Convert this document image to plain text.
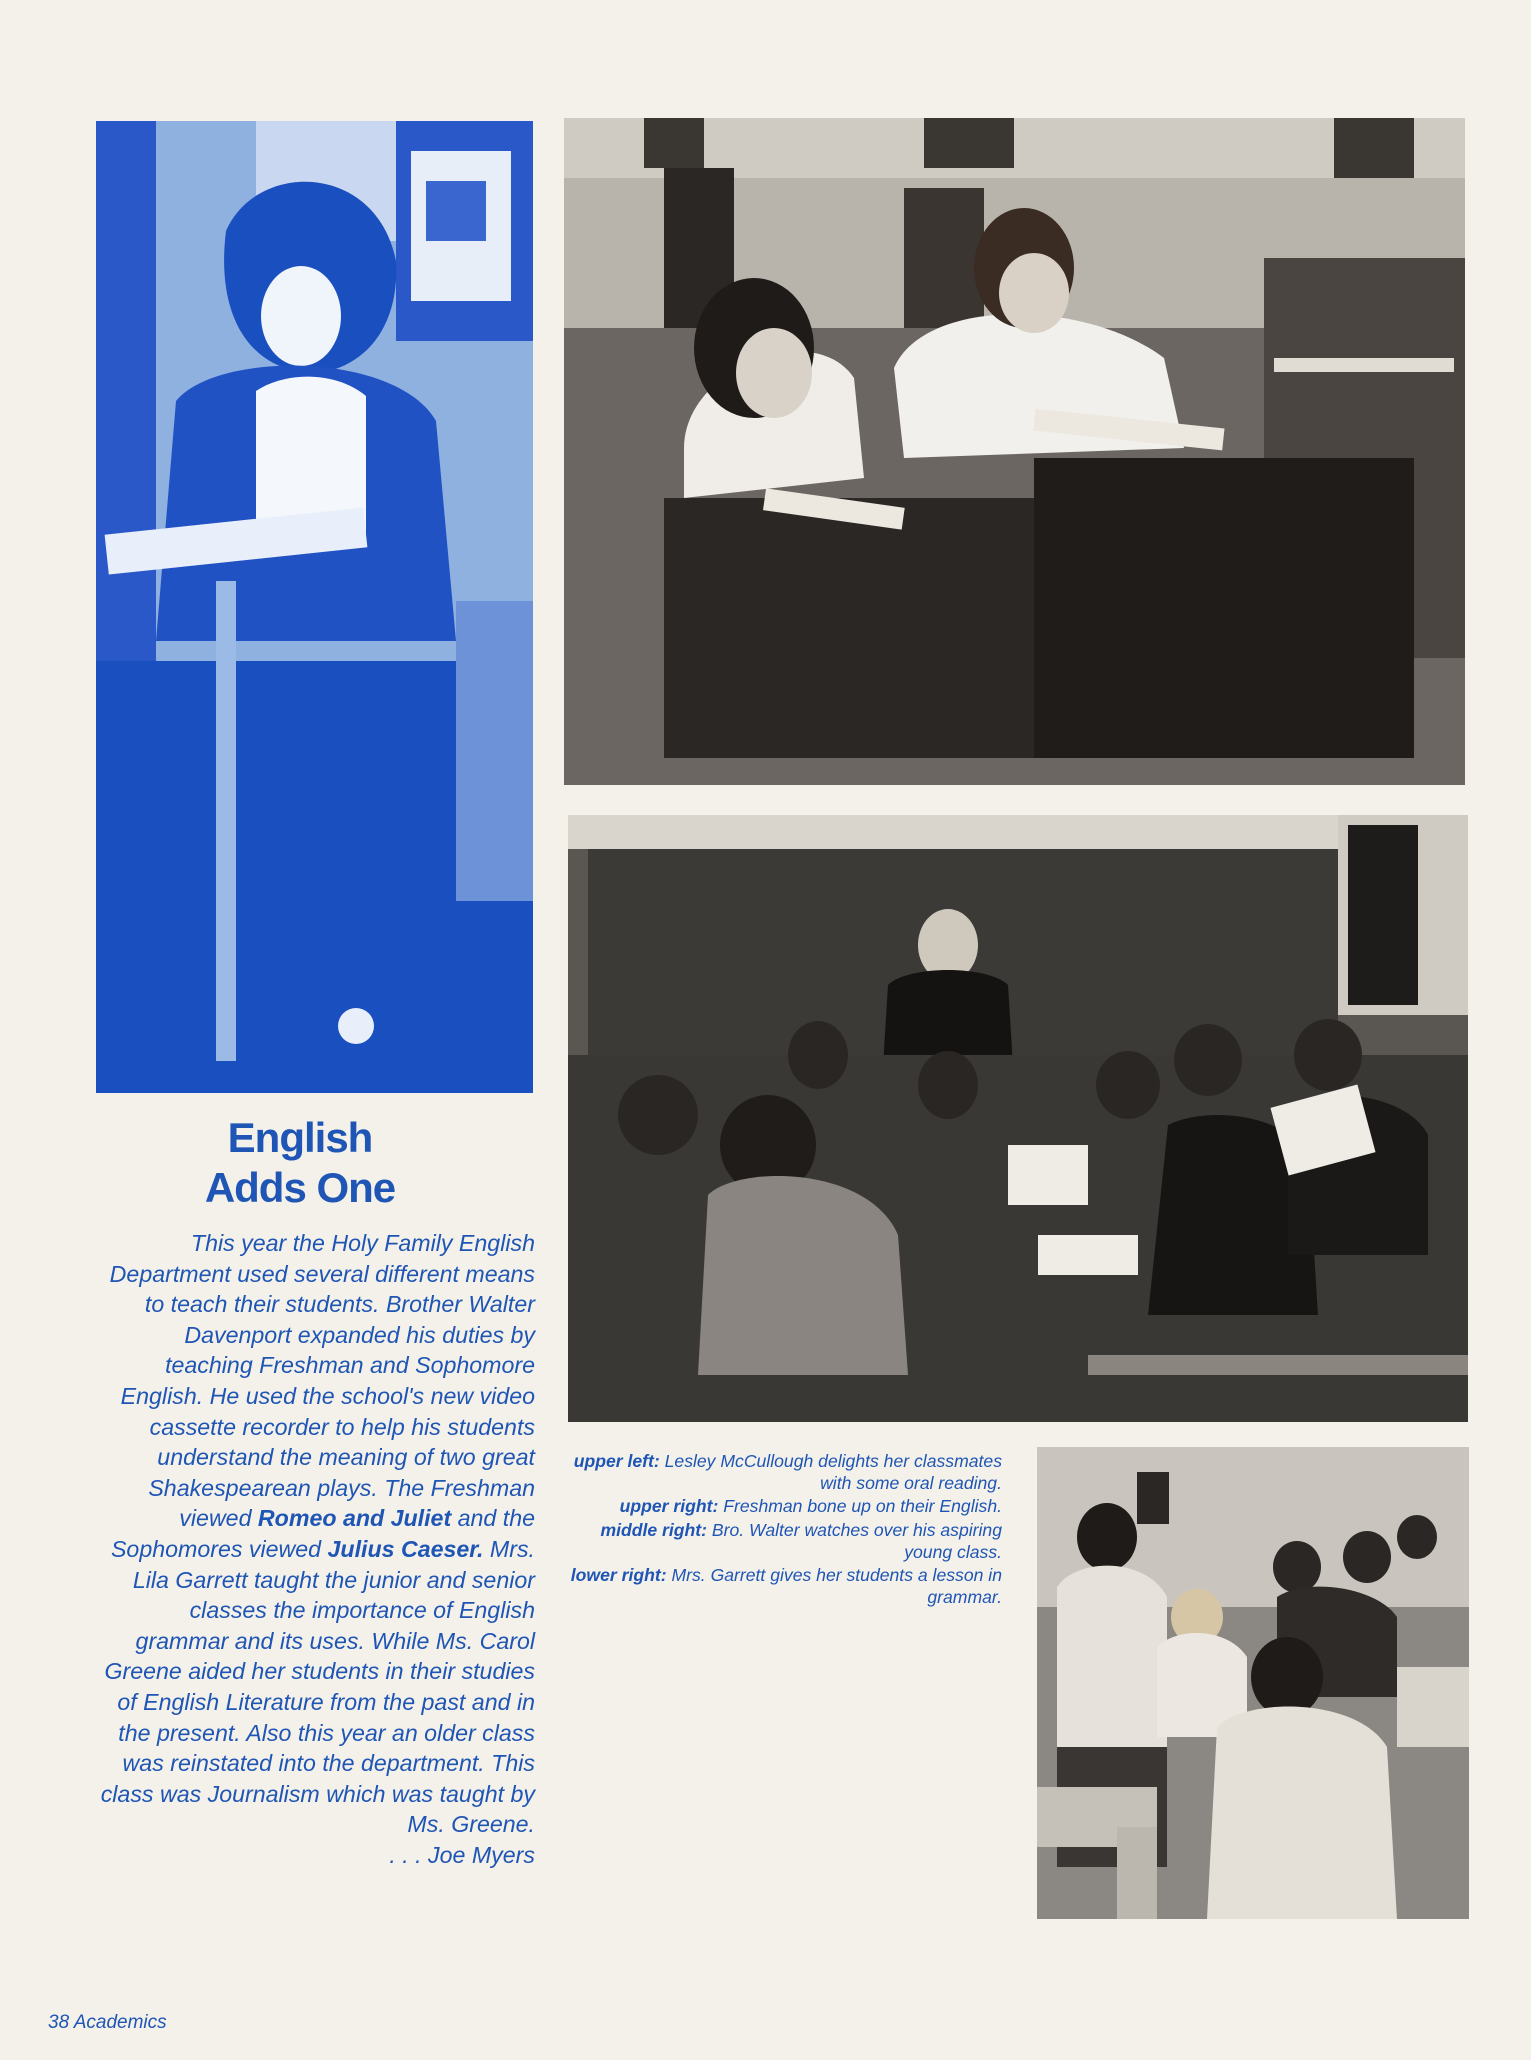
English
Adds One

This year the Holy Family English Department used several different means to teach their students. Brother Walter Davenport expanded his duties by teaching Freshman and Sophomore English. He used the school's new video cassette recorder to help his students understand the meaning of two great Shakespearean plays. The Freshman viewed Romeo and Juliet and the Sophomores viewed Julius Caeser. Mrs. Lila Garrett taught the junior and senior classes the importance of English grammar and its uses. While Ms. Carol Greene aided her students in their studies of English Literature from the past and in the present. Also this year an older class was reinstated into the department. This class was Journalism which was taught by Ms. Greene.

. . . Joe Myers

upper left: Lesley McCullough delights her classmates with some oral reading.

upper right: Freshman bone up on their English.

middle right: Bro. Walter watches over his aspiring young class.

lower right: Mrs. Garrett gives her students a lesson in grammar.

38 Academics
